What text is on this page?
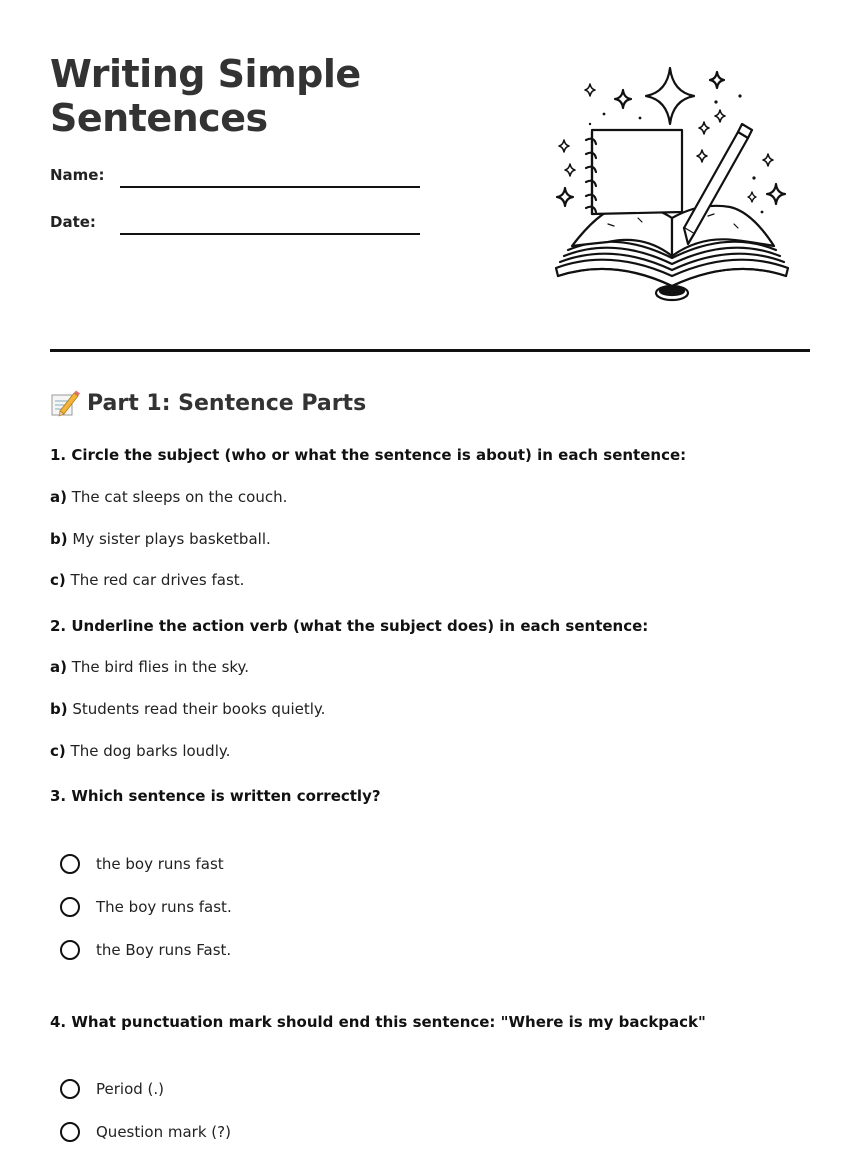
Writing Simple
Sentences
Name:
Date:
Part 1: Sentence Parts
1. Circle the subject (who or what the sentence is about) in each sentence:
a) The cat sleeps on the couch.
b) My sister plays basketball.
c) The red car drives fast.
2. Underline the action verb (what the subject does) in each sentence:
a) The bird flies in the sky.
b) Students read their books quietly.
c) The dog barks loudly.
3. Which sentence is written correctly?
the boy runs fast
The boy runs fast.
the Boy runs Fast.
4. What punctuation mark should end this sentence: "Where is my backpack"
Period (.)
Question mark (?)
